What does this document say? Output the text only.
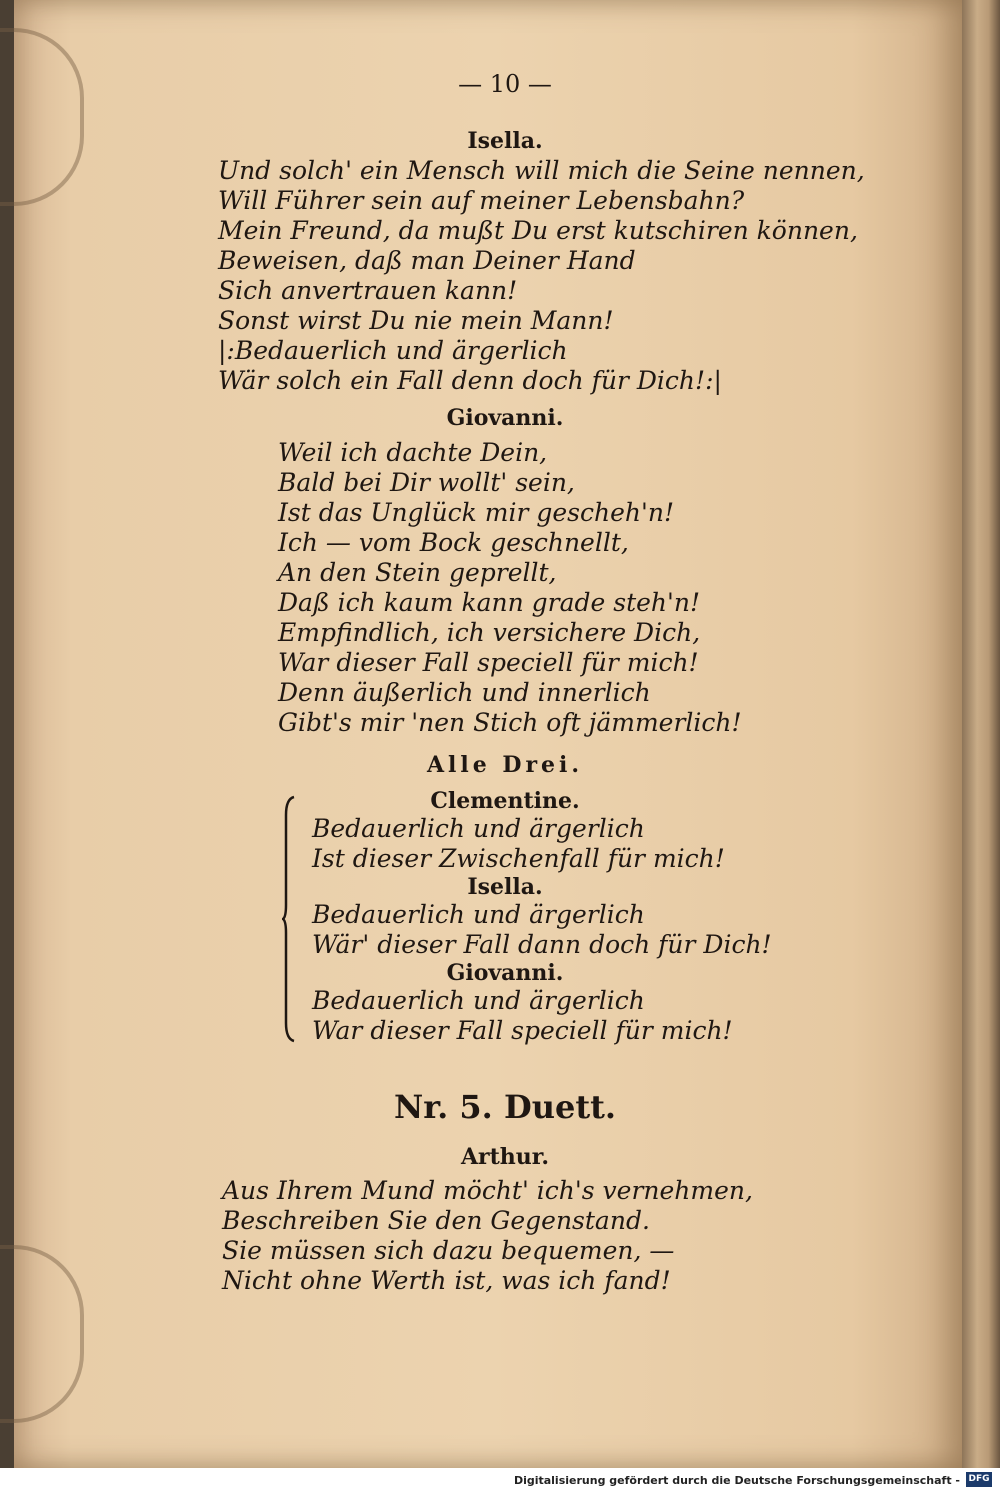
— 10 —
Isella.
Und solch' ein Mensch will mich die Seine nennen,
Will Führer sein auf meiner Lebensbahn?
Mein Freund, da mußt Du erst kutschiren können,
Beweisen, daß man Deiner Hand
Sich anvertrauen kann!
Sonst wirst Du nie mein Mann!
|:Bedauerlich und ärgerlich
Wär solch ein Fall denn doch für Dich!:|
Giovanni.
Weil ich dachte Dein,
Bald bei Dir wollt' sein,
Ist das Unglück mir gescheh'n!
Ich — vom Bock geschnellt,
An den Stein geprellt,
Daß ich kaum kann grade steh'n!
Empfindlich, ich versichere Dich,
War dieser Fall speciell für mich!
Denn äußerlich und innerlich
Gibt's mir 'nen Stich oft jämmerlich!
Alle Drei.
Clementine.
Bedauerlich und ärgerlich
Ist dieser Zwischenfall für mich!
Isella.
Bedauerlich und ärgerlich
Wär' dieser Fall dann doch für Dich!
Giovanni.
Bedauerlich und ärgerlich
War dieser Fall speciell für mich!
Nr. 5. Duett.
Arthur.
Aus Ihrem Mund möcht' ich's vernehmen,
Beschreiben Sie den Gegenstand.
Sie müssen sich dazu bequemen, —
Nicht ohne Werth ist, was ich fand!
Digitalisierung gefördert durch die Deutsche Forschungsgemeinschaft - DFG
